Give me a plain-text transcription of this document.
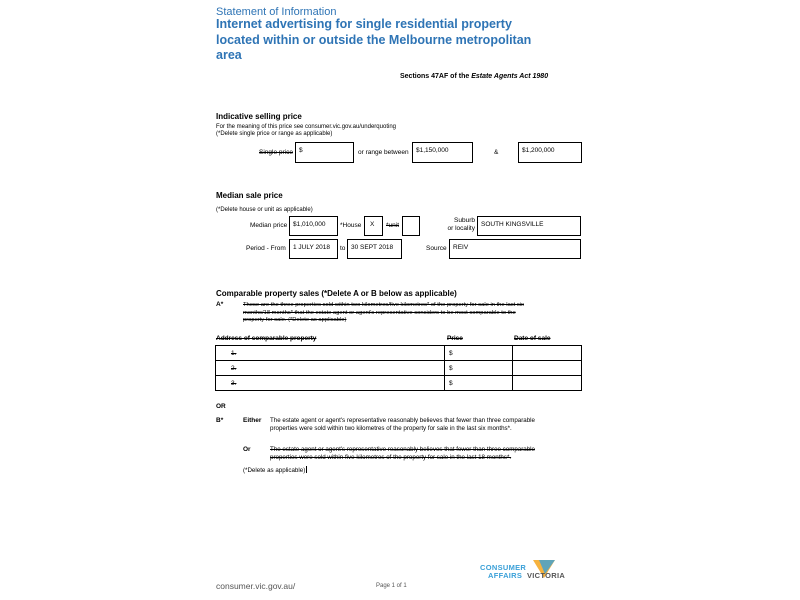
Statement of Information
Internet advertising for single residential property
located within or outside the Melbourne metropolitan
area
Sections 47AF of the Estate Agents Act 1980
Indicative selling price
For the meaning of this price see consumer.vic.gov.au/underquoting
(*Delete single price or range as applicable)
Single price $	or range between	$1,150,000	&	$1,200,000
Median sale price
(*Delete house or unit as applicable)
Median price $1,010,000	*House	X	*unit
Suburb
or locality
SOUTH KINGSVILLE
Period - From	1 JULY 2018	to 30 SEPT 2018	Source REIV
Comparable property sales (*Delete A or B below as applicable)
A*	These are the three properties sold within two kilometres/five kilometres* of the property for sale in the last six
months/18 months* that the estate agent or agent's representative considers to be most comparable to the
property for sale. (*Delete as applicable)
Address of comparable property	Price	Date of sale
1.	$	
2.	$	
3.	$	
OR
B*	Either The estate agent or agent's representative reasonably believes that fewer than three comparable
properties were sold within two kilometres of the property for sale in the last six months*.
Or	The estate agent or agent's representative reasonably believes that fewer than three comparable
properties were sold within five kilometres of the property for sale in the last 18 months*.
(*Delete as applicable)
consumer.vic.gov.au/	Page 1 of 1
CONSUMER
AFFAIRS VICTORIA
